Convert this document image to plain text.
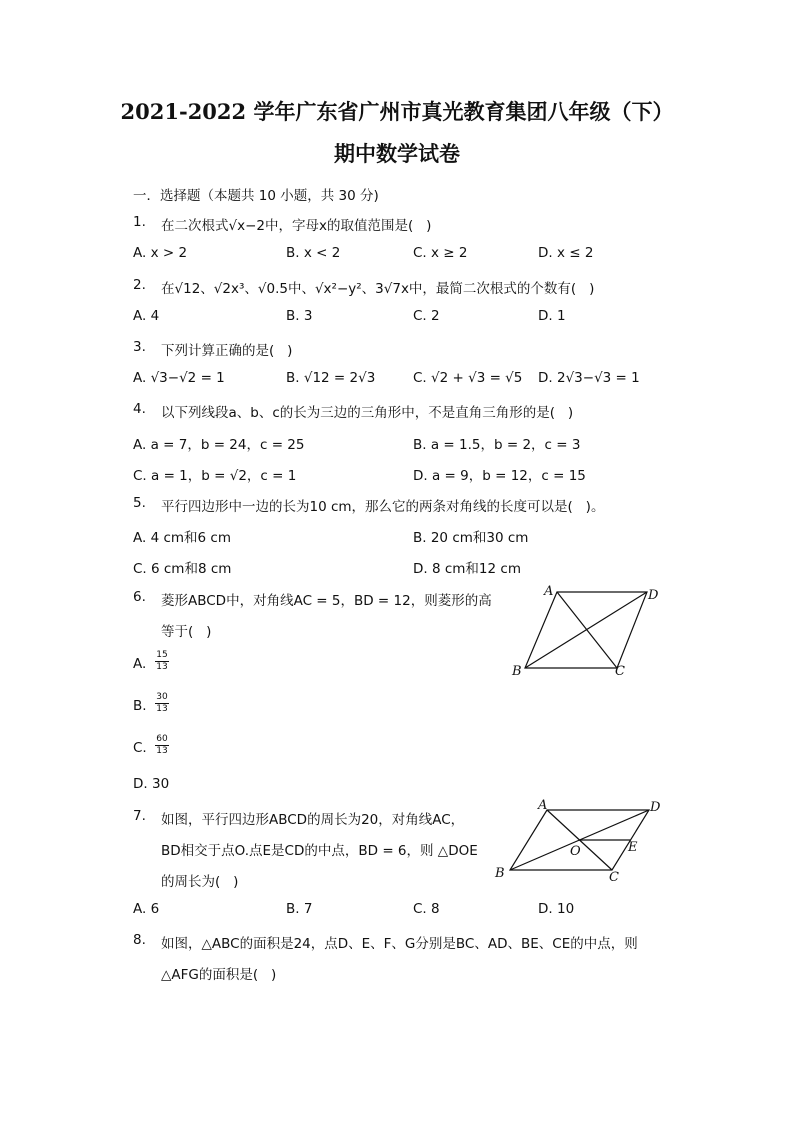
2021-2022 学年广东省广州市真光教育集团八年级（下）
期中数学试卷
一．选择题（本题共 10 小题，共 30 分)
1. 在二次根式√x−2中，字母x的取值范围是(   )
A. x > 2	B. x < 2	C. x ≥ 2	D. x ≤ 2
2. 在√12、√2x³、√0.5中、√x²−y²、3√7x中，最简二次根式的个数有(   )
A. 4	B. 3	C. 2	D. 1
3. 下列计算正确的是(   )
A. √3−√2 = 1	B. √12 = 2√3	C. √2 + √3 = √5 D. 2√3−√3 = 1
4. 以下列线段a、b、c的长为三边的三角形中，不是直角三角形的是(   )
A. a = 7，b = 24，c = 25	B. a = 1.5，b = 2，c = 3
C. a = 1，b = √2，c = 1	D. a = 9，b = 12，c = 15
5. 平行四边形中一边的长为10 cm，那么它的两条对角线的长度可以是(   )。
A. 4 cm和6 cm	B. 20 cm和30 cm
C. 6 cm和8 cm	D. 8 cm和12 cm
6. 菱形ABCD中，对角线AC = 5，BD = 12，则菱形的高
等于(   )
A. $\frac{15}{13}$
B. $\frac{30}{13}$
C. $\frac{60}{13}$
D. 30
A	D
B	C
7. 如图，平行四边形ABCD的周长为20，对角线AC，
BD相交于点O.点E是CD的中点，BD = 6，则 △DOE
的周长为(   )
A. 6	B. 7	C. 8	D. 10
A	D
O	E
B	C
8. 如图，△ABC的面积是24，点D、E、F、G分别是BC、AD、BE、CE的中点，则
△AFG的面积是(   )
